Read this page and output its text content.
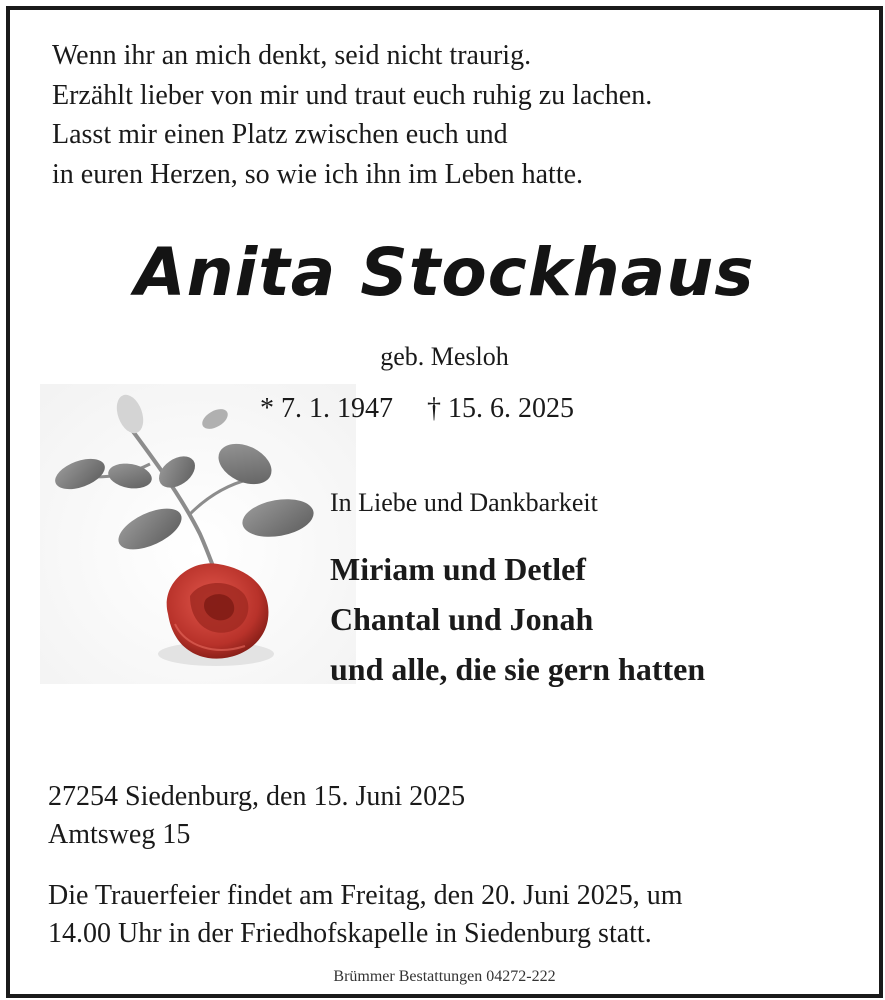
Wenn ihr an mich denkt, seid nicht traurig.
Erzählt lieber von mir und traut euch ruhig zu lachen.
Lasst mir einen Platz zwischen euch und
in euren Herzen, so wie ich ihn im Leben hatte.
Anita Stockhaus
geb. Mesloh
* 7. 1. 1947 † 15. 6. 2025
In Liebe und Dankbarkeit
Miriam und Detlef
Chantal und Jonah
und alle, die sie gern hatten
27254 Siedenburg, den 15. Juni 2025
Amtsweg 15
Die Trauerfeier findet am Freitag, den 20. Juni 2025, um
14.00 Uhr in der Friedhofskapelle in Siedenburg statt.
Brümmer Bestattungen 04272-222
